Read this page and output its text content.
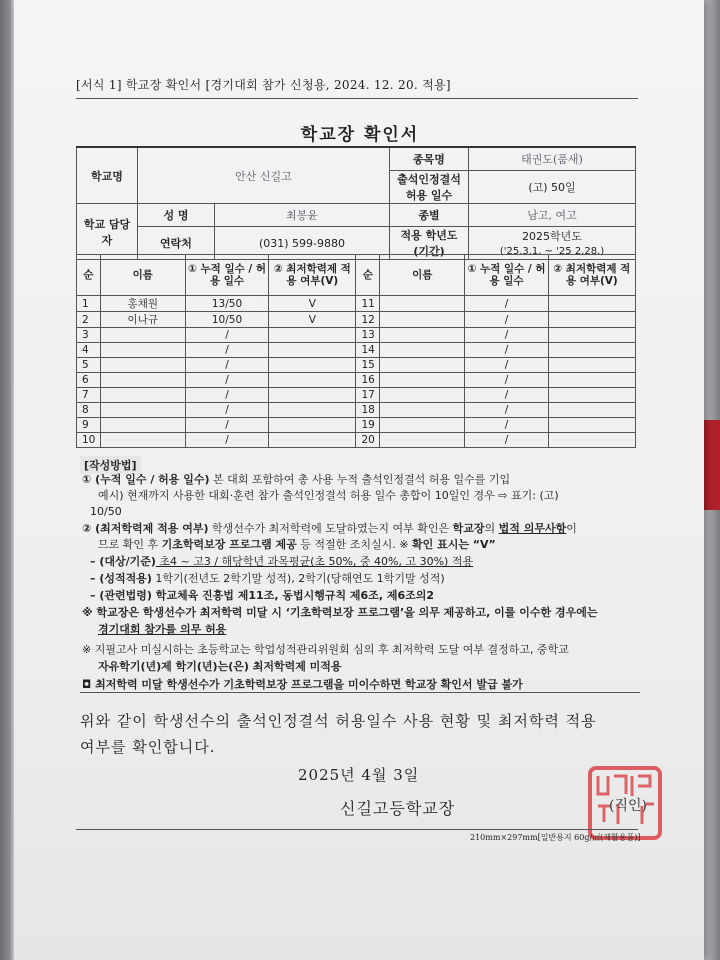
[서식 1] 학교장 확인서 [경기대회 참가 신청용, 2024. 12. 20. 적용]
학교장 확인서
학교명	안산 신길고		종목명	태권도(품새)
			출석인정결석 허용 일수	(고) 50일
학교 담당자	성 명	최봉윤	종별	남고, 여고
	연락처	(031) 599-9880	적용 학년도 (기간)	2025학년도
				('25.3.1. ~ '25 2.28.)
순	이름	① 누적 일수 / 허용 일수	② 최저학력제 적용 여부(V)	순	이름	① 누적 일수 / 허용 일수	② 최저학력제 적용 여부(V)
1	홍채원	13/50	V	11		/	
2	이나규	10/50	V	12		/	
3		/		13		/	
4		/		14		/	
5		/		15		/	
6		/		16		/	
7		/		17		/	
8		/		18		/	
9		/		19		/	
10		/		20		/	
[작성방법]
① (누적 일수 / 허용 일수) 본 대회 포함하여 총 사용 누적 출석인정결석 허용 일수를 기입
예시) 현재까지 사용한 대회·훈련 참가 출석인정결석 허용 일수 총합이 10일인 경우 ⇨ 표기: (고)
10/50
② (최저학력제 적용 여부) 학생선수가 최저학력에 도달하였는지 여부 확인은 학교장의 법적 의무사항이
므로 확인 후 기초학력보장 프로그램 제공 등 적절한 조치실시. ※ 확인 표시는 “V”
– (대상/기준) 초4 ~ 고3 / 해당학년 과목평균(초 50%, 중 40%, 고 30%) 적용
– (성적적용) 1학기(전년도 2학기말 성적), 2학기(당해연도 1학기말 성적)
– (관련법령) 학교체육 진흥법 제11조, 동법시행규칙 제6조, 제6조의2
※ 학교장은 학생선수가 최저학력 미달 시 ‘기초학력보장 프로그램’을 의무 제공하고, 이를 이수한 경우에는
경기대회 참가를 의무 허용
※ 지필고사 미실시하는 초등학교는 학업성적관리위원회 심의 후 최저학력 도달 여부 결정하고, 중학교
자유학기(년)제 학기(년)는(은) 최저학력제 미적용
◘ 최저학력 미달 학생선수가 기초학력보장 프로그램을 미이수하면 학교장 확인서 발급 불가
위와 같이 학생선수의 출석인정결석 허용일수 사용 현황 및 최저학력 적용
여부를 확인합니다.
2025년 4월 3일
신길고등학교장	(직인)
210mm×297mm[일반용지 60g/㎡(재활용품)]
